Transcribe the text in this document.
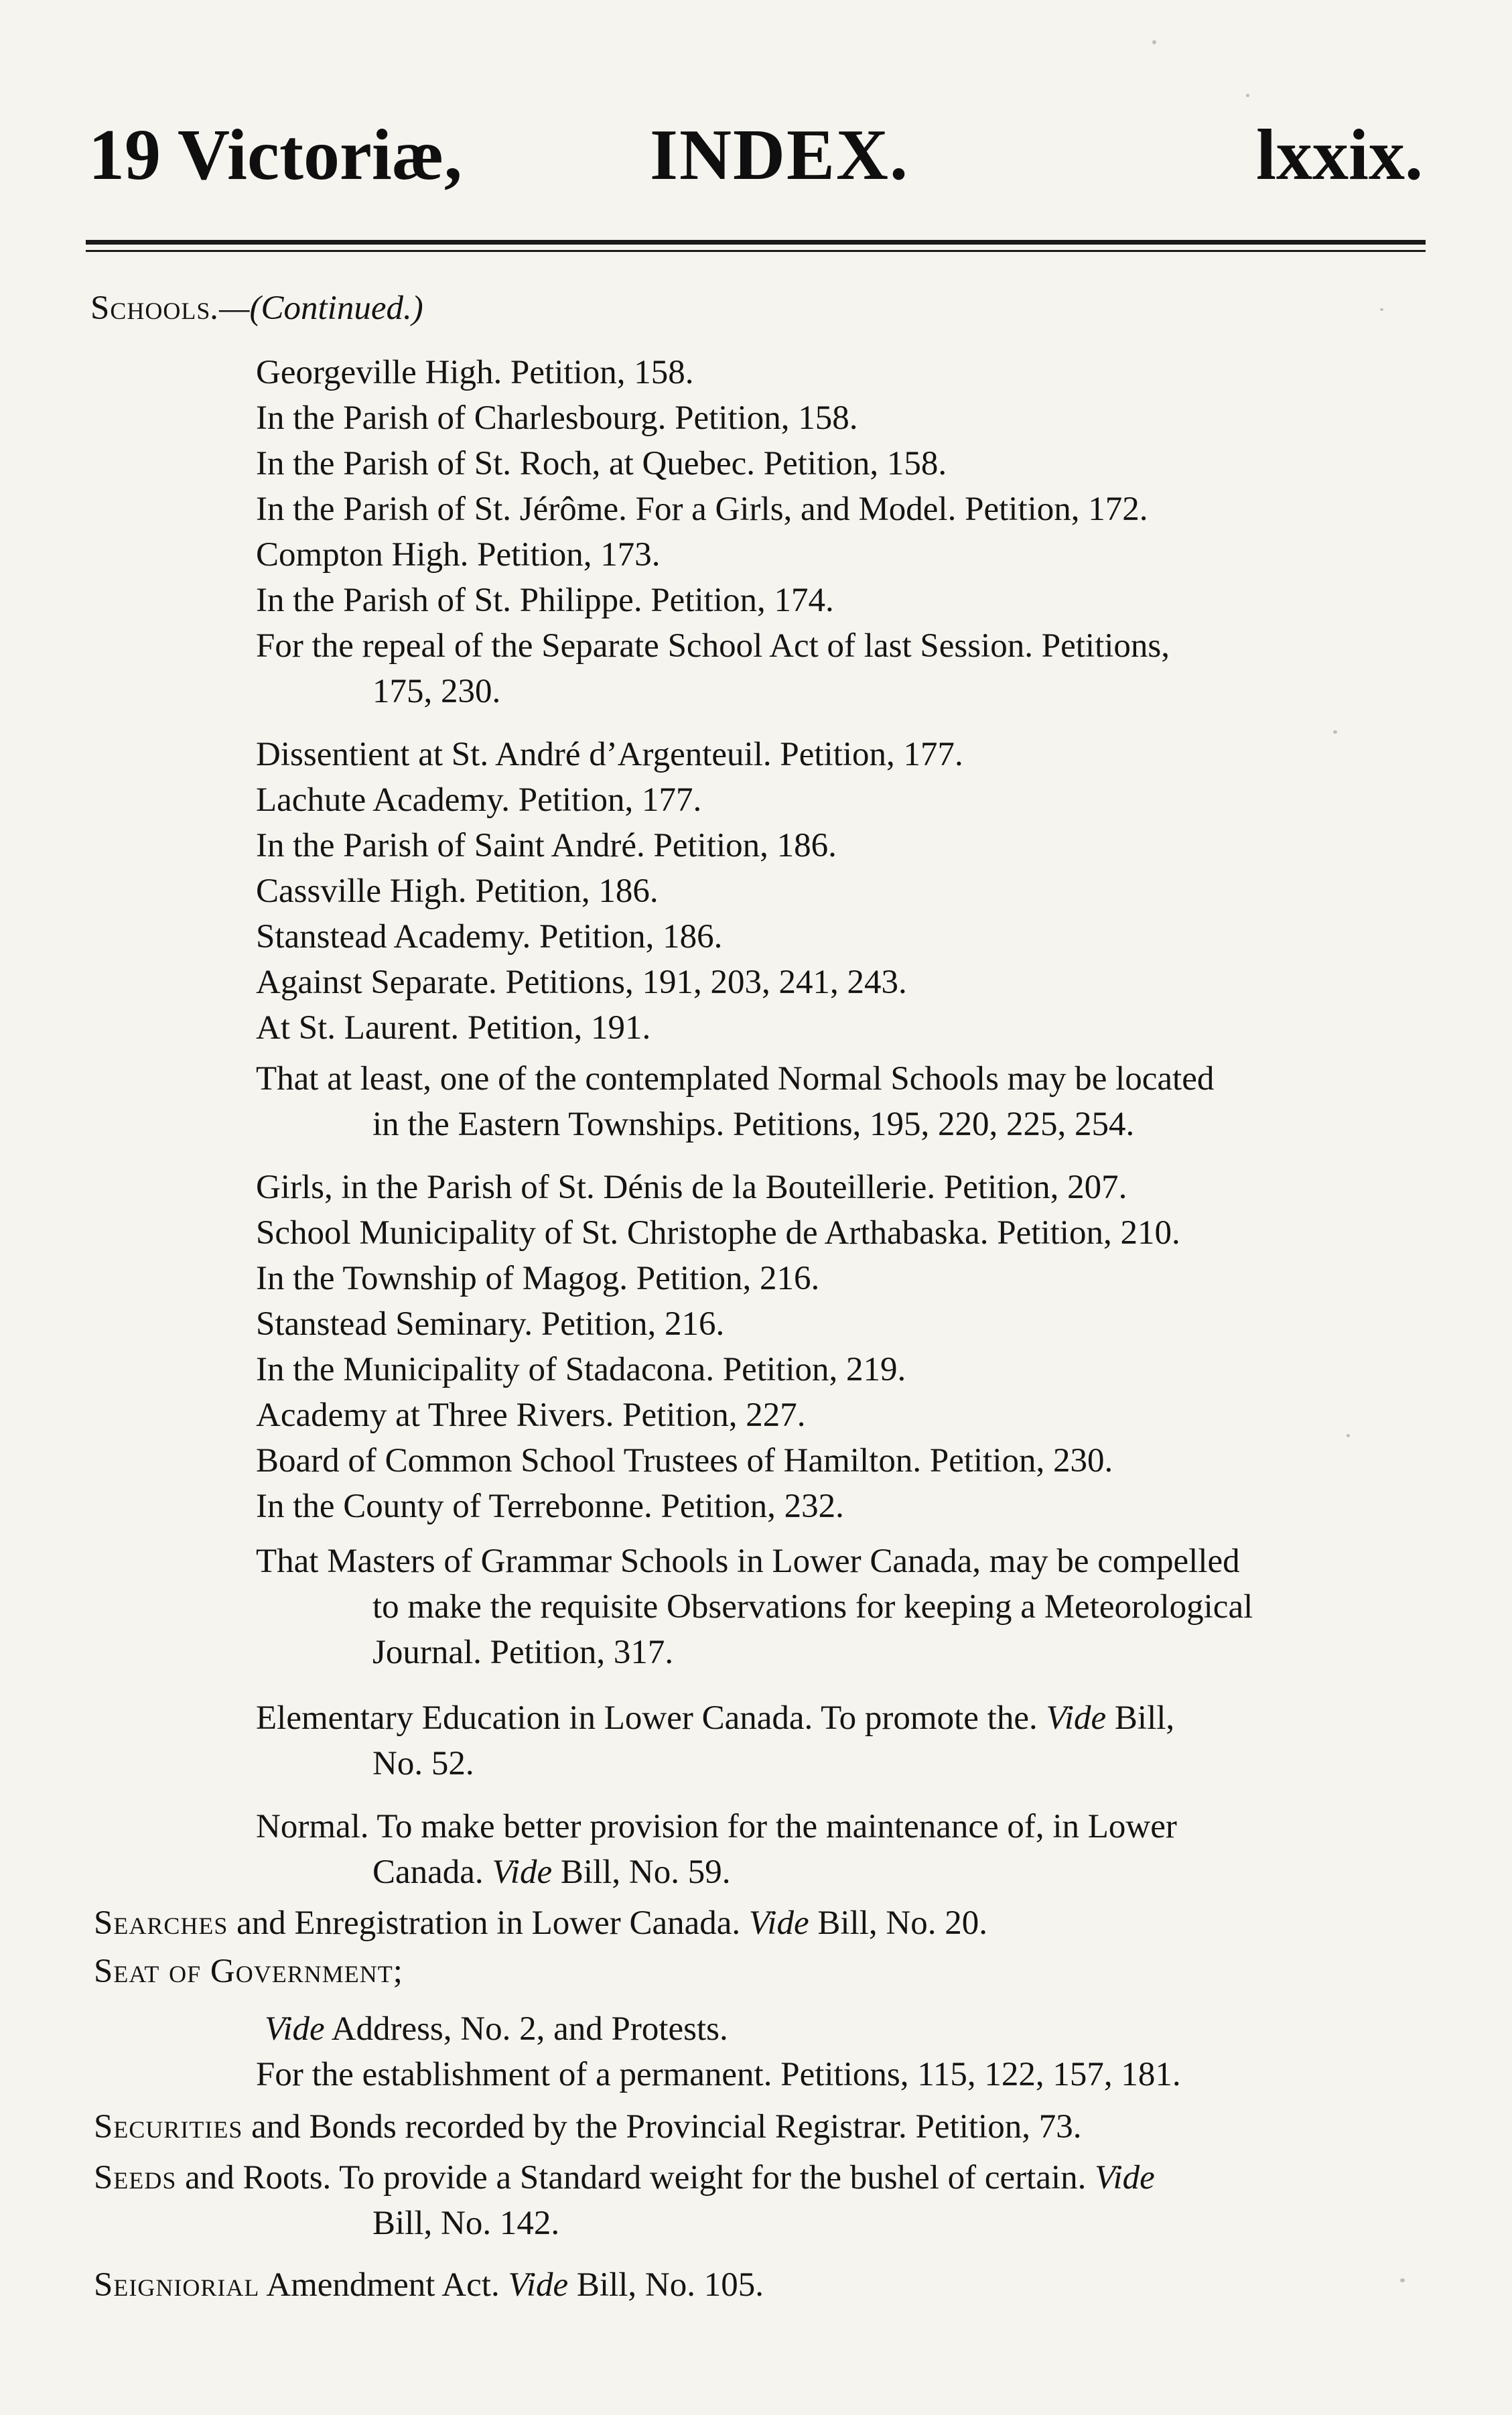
19 Victoriæ,	INDEX.	lxxix.
Schools.—(Continued.)
Georgeville High. Petition, 158.
In the Parish of Charlesbourg. Petition, 158.
In the Parish of St. Roch, at Quebec. Petition, 158.
In the Parish of St. Jérôme. For a Girls, and Model. Petition, 172.
Compton High. Petition, 173.
In the Parish of St. Philippe. Petition, 174.
For the repeal of the Separate School Act of last Session. Petitions,
175, 230.
Dissentient at St. André d’Argenteuil. Petition, 177.
Lachute Academy. Petition, 177.
In the Parish of Saint André. Petition, 186.
Cassville High. Petition, 186.
Stanstead Academy. Petition, 186.
Against Separate. Petitions, 191, 203, 241, 243.
At St. Laurent. Petition, 191.
That at least, one of the contemplated Normal Schools may be located
in the Eastern Townships. Petitions, 195, 220, 225, 254.
Girls, in the Parish of St. Dénis de la Bouteillerie. Petition, 207.
School Municipality of St. Christophe de Arthabaska. Petition, 210.
In the Township of Magog. Petition, 216.
Stanstead Seminary. Petition, 216.
In the Municipality of Stadacona. Petition, 219.
Academy at Three Rivers. Petition, 227.
Board of Common School Trustees of Hamilton. Petition, 230.
In the County of Terrebonne. Petition, 232.
That Masters of Grammar Schools in Lower Canada, may be compelled
to make the requisite Observations for keeping a Meteorological
Journal. Petition, 317.
Elementary Education in Lower Canada. To promote the. Vide Bill,
No. 52.
Normal. To make better provision for the maintenance of, in Lower
Canada. Vide Bill, No. 59.
Searches and Enregistration in Lower Canada. Vide Bill, No. 20.
Seat of Government;
Vide Address, No. 2, and Protests.
For the establishment of a permanent. Petitions, 115, 122, 157, 181.
Securities and Bonds recorded by the Provincial Registrar. Petition, 73.
Seeds and Roots. To provide a Standard weight for the bushel of certain. Vide
Bill, No. 142.
Seigniorial Amendment Act. Vide Bill, No. 105.
